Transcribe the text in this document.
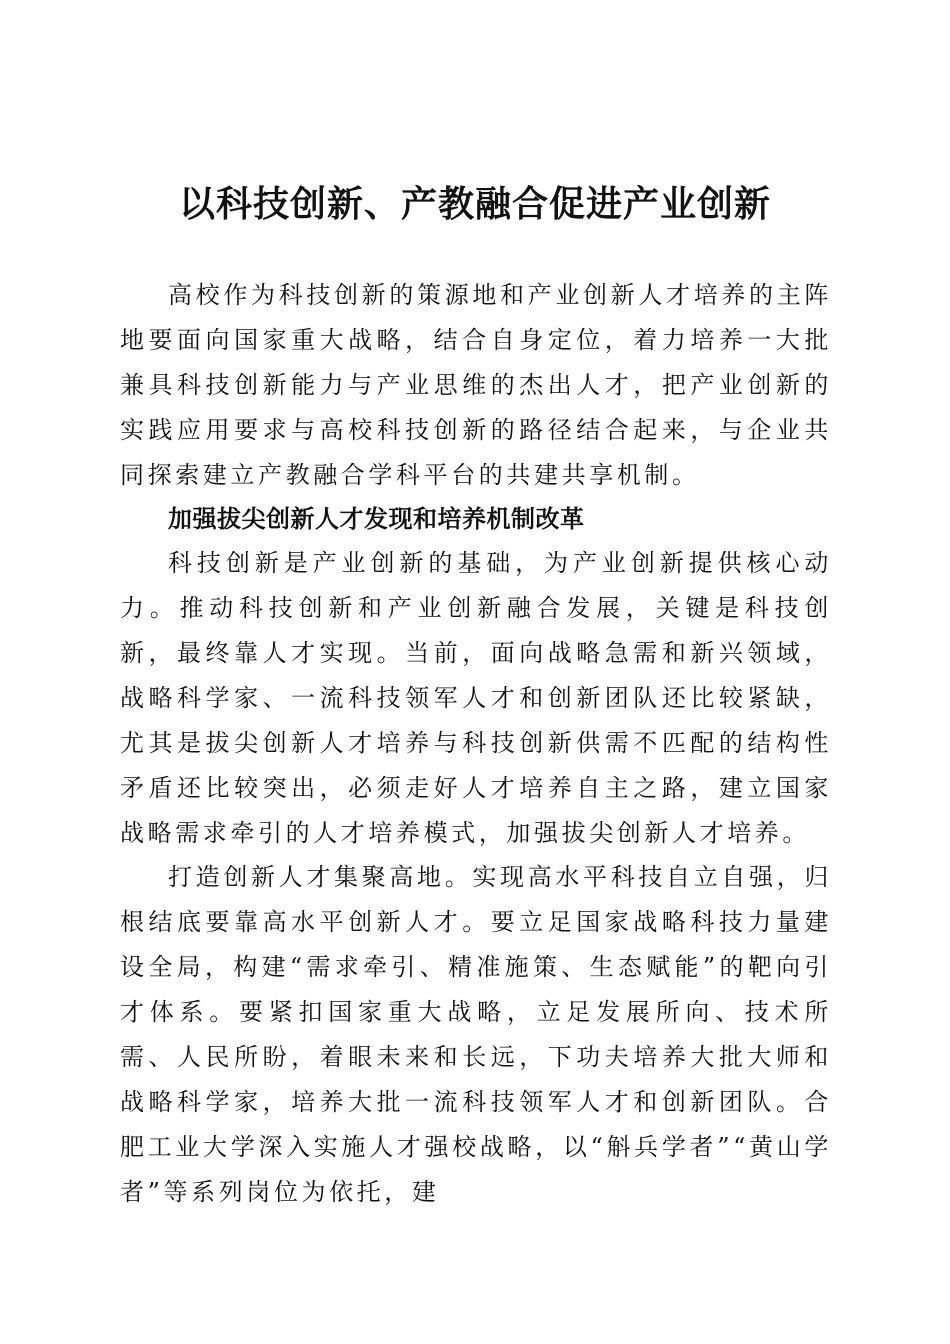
以科技创新、产教融合促进产业创新

高校作为科技创新的策源地和产业创新人才培养的主阵地要面向国家重大战略，结合自身定位，着力培养一大批兼具科技创新能力与产业思维的杰出人才，把产业创新的实践应用要求与高校科技创新的路径结合起来，与企业共同探索建立产教融合学科平台的共建共享机制。

加强拔尖创新人才发现和培养机制改革

科技创新是产业创新的基础，为产业创新提供核心动力。推动科技创新和产业创新融合发展，关键是科技创新，最终靠人才实现。当前，面向战略急需和新兴领域，战略科学家、一流科技领军人才和创新团队还比较紧缺，尤其是拔尖创新人才培养与科技创新供需不匹配的结构性矛盾还比较突出，必须走好人才培养自主之路，建立国家战略需求牵引的人才培养模式，加强拔尖创新人才培养。

打造创新人才集聚高地。实现高水平科技自立自强，归根结底要靠高水平创新人才。要立足国家战略科技力量建设全局，构建“需求牵引、精准施策、生态赋能”的靶向引才体系。要紧扣国家重大战略，立足发展所向、技术所需、人民所盼，着眼未来和长远，下功夫培养大批大师和战略科学家，培养大批一流科技领军人才和创新团队。合肥工业大学深入实施人才强校战略，以“斛兵学者”“黄山学者”等系列岗位为依托，建
